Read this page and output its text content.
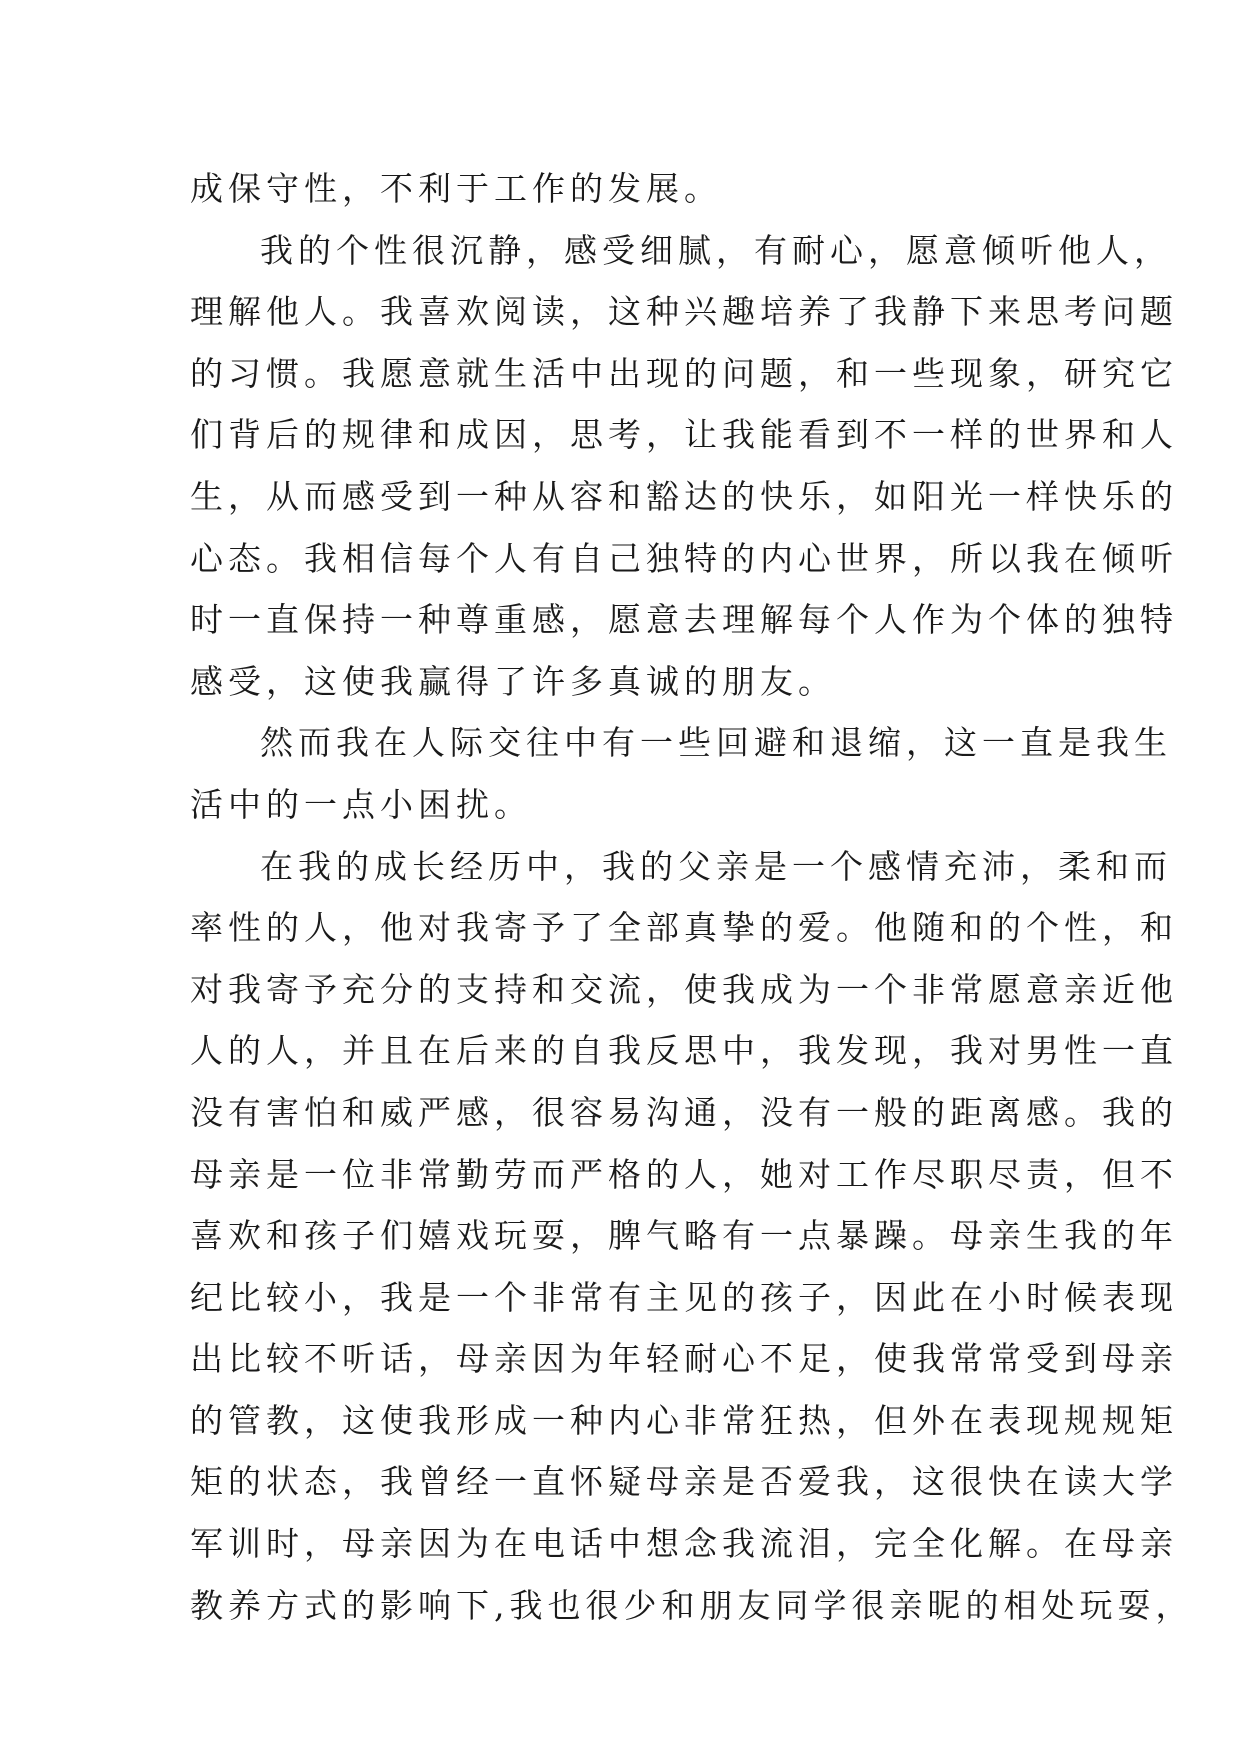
成保守性，不利于工作的发展。
我的个性很沉静，感受细腻，有耐心，愿意倾听他人，
理解他人。我喜欢阅读，这种兴趣培养了我静下来思考问题
的习惯。我愿意就生活中出现的问题，和一些现象，研究它
们背后的规律和成因，思考，让我能看到不一样的世界和人
生，从而感受到一种从容和豁达的快乐，如阳光一样快乐的
心态。我相信每个人有自己独特的内心世界，所以我在倾听
时一直保持一种尊重感，愿意去理解每个人作为个体的独特
感受，这使我赢得了许多真诚的朋友。
然而我在人际交往中有一些回避和退缩，这一直是我生
活中的一点小困扰。
在我的成长经历中，我的父亲是一个感情充沛，柔和而
率性的人，他对我寄予了全部真挚的爱。他随和的个性，和
对我寄予充分的支持和交流，使我成为一个非常愿意亲近他
人的人，并且在后来的自我反思中，我发现，我对男性一直
没有害怕和威严感，很容易沟通，没有一般的距离感。我的
母亲是一位非常勤劳而严格的人，她对工作尽职尽责，但不
喜欢和孩子们嬉戏玩耍，脾气略有一点暴躁。母亲生我的年
纪比较小，我是一个非常有主见的孩子，因此在小时候表现
出比较不听话，母亲因为年轻耐心不足，使我常常受到母亲
的管教，这使我形成一种内心非常狂热，但外在表现规规矩
矩的状态，我曾经一直怀疑母亲是否爱我，这很快在读大学
军训时，母亲因为在电话中想念我流泪，完全化解。在母亲
教养方式的影响下,我也很少和朋友同学很亲昵的相处玩耍，
